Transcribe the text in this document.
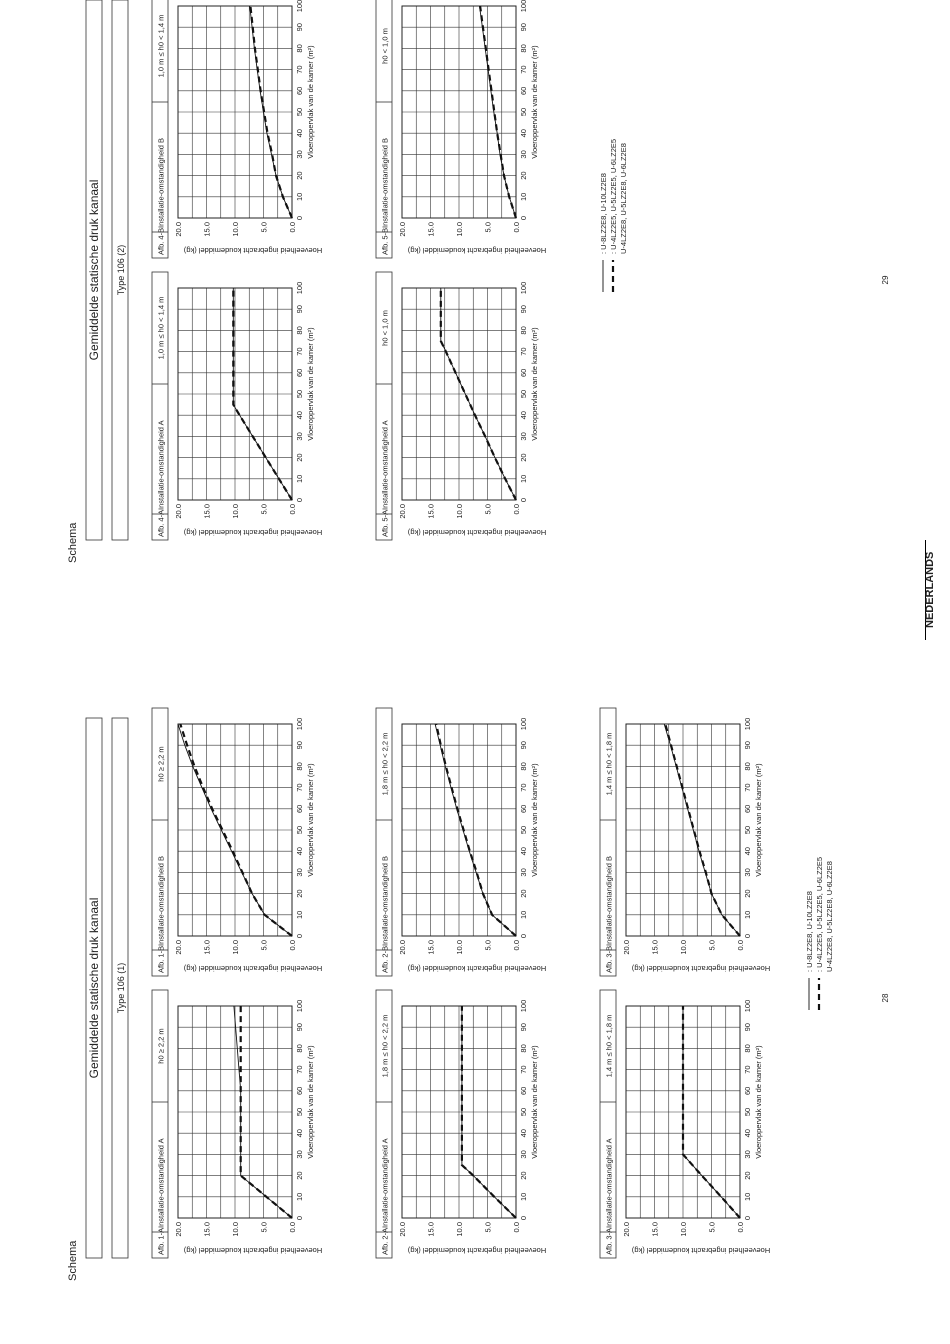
Schema
Gemiddelde statische druk kanaal Type 106 (1)
Afb. 1-A
Installatie-omstandigheid A
h0 ≥ 2,2 m
0.0
5.0
10.0
15.0
20.0
0
10
20
30
40
50
60
70
80
90
100
Vloeroppervlak van de kamer (m²)
Hoeveelheid ingebracht koudemiddel (kg)
Afb. 1-B
Installatie-omstandigheid B
h0 ≥ 2,2 m
0.0
5.0
10.0
15.0
20.0
0
10
20
30
40
50
60
70
80
90
100
Vloeroppervlak van de kamer (m²)
Hoeveelheid ingebracht koudemiddel (kg)
Afb. 2-A
Installatie-omstandigheid A
1,8 m ≤ h0 < 2,2 m
0.0
5.0
10.0
15.0
20.0
0
10
20
30
40
50
60
70
80
90
100
Vloeroppervlak van de kamer (m²)
Hoeveelheid ingebracht koudemiddel (kg)
Afb. 2-B
Installatie-omstandigheid B
1,8 m ≤ h0 < 2,2 m
0.0
5.0
10.0
15.0
20.0
0
10
20
30
40
50
60
70
80
90
100
Vloeroppervlak van de kamer (m²)
Hoeveelheid ingebracht koudemiddel (kg)
Afb. 3-A
Installatie-omstandigheid A
1,4 m ≤ h0 < 1,8 m
0.0
5.0
10.0
15.0
20.0
0
10
20
30
40
50
60
70
80
90
100
Vloeroppervlak van de kamer (m²)
Hoeveelheid ingebracht koudemiddel (kg)
Afb. 3-B
Installatie-omstandigheid B
1,4 m ≤ h0 < 1,8 m
0.0
5.0
10.0
15.0
20.0
0
10
20
30
40
50
60
70
80
90
100
Vloeroppervlak van de kamer (m²)
Hoeveelheid ingebracht koudemiddel (kg)	: U-8LZ2E8, U-10LZ2E8 : U-4LZ2E5, U-5LZ2E5, U-6LZ2E5 U-4LZ2E8, U-5LZ2E8, U-6LZ2E8
28
Schema
Gemiddelde statische druk kanaal Type 106 (2)
Afb. 4-A
Installatie-omstandigheid A
1,0 m ≤ h0 < 1,4 m
0.0
5.0
10.0
15.0
20.0
0
10
20
30
40
50
60
70
80
90
100
Vloeroppervlak van de kamer (m²)
Hoeveelheid ingebracht koudemiddel (kg)
Afb. 4-B
Installatie-omstandigheid B
1,0 m ≤ h0 < 1,4 m
0.0
5.0
10.0
15.0
20.0
0
10
20
30
40
50
60
70
80
90
100
Vloeroppervlak van de kamer (m²)
Hoeveelheid ingebracht koudemiddel (kg)
Afb. 5-A
Installatie-omstandigheid A
h0 < 1,0 m
0.0
5.0
10.0
15.0
20.0
0
10
20
30
40
50
60
70
80
90
100
Vloeroppervlak van de kamer (m²)
Hoeveelheid ingebracht koudemiddel (kg)
Afb. 5-B
Installatie-omstandigheid B
h0 < 1,0 m
0.0
5.0
10.0
15.0
20.0
0
10
20
30
40
50
60
70
80
90
100
Vloeroppervlak van de kamer (m²)
Hoeveelheid ingebracht koudemiddel (kg)	: U-8LZ2E8, U-10LZ2E8 : U-4LZ2E5, U-5LZ2E5, U-6LZ2E5 U-4LZ2E8, U-5LZ2E8, U-6LZ2E8
29
NEDERLANDS
